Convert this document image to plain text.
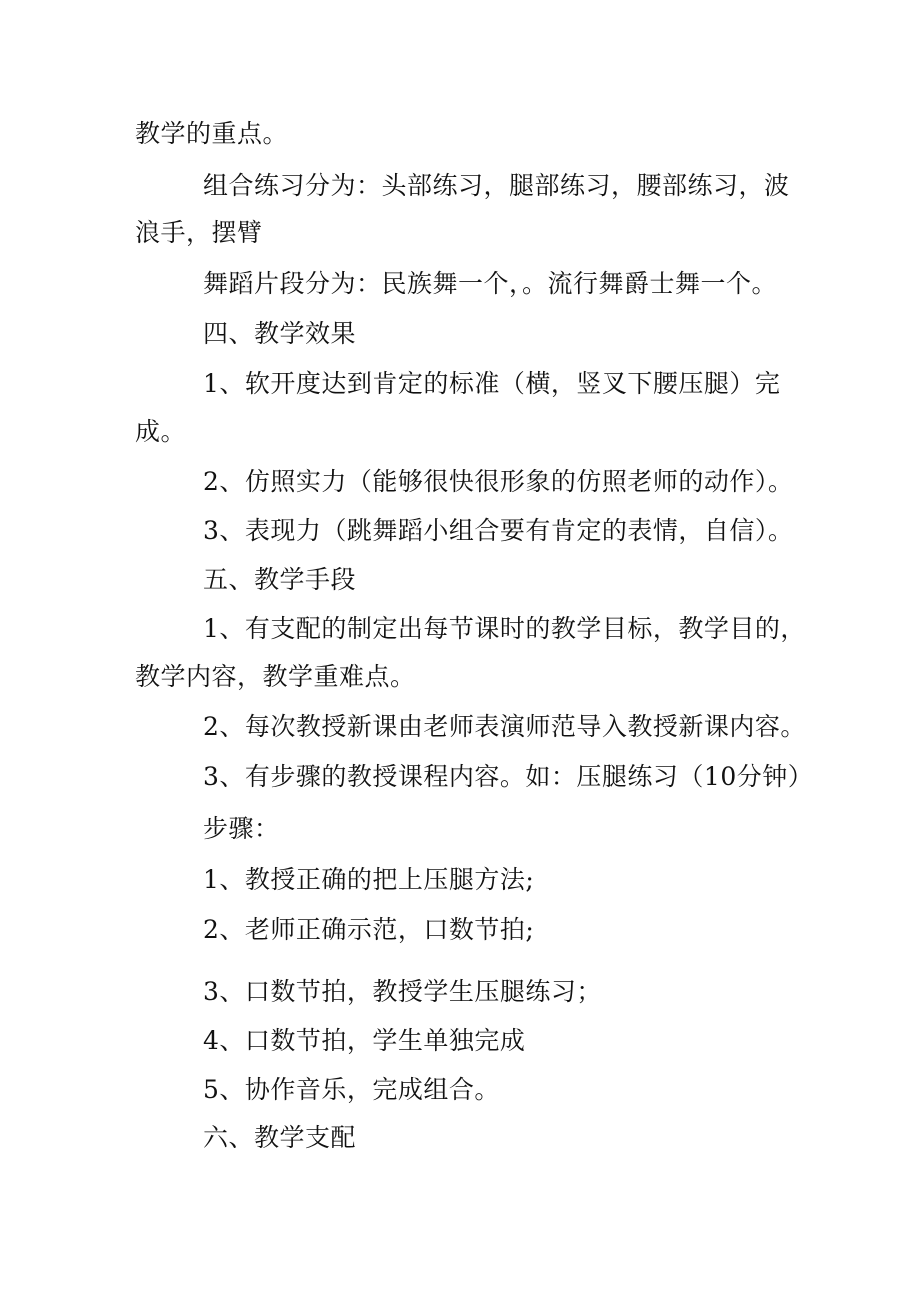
教学的重点。
组合练习分为：头部练习，腿部练习，腰部练习，波
浪手，摆臂
舞蹈片段分为：民族舞一个，。流行舞爵士舞一个。
四、教学效果
1、软开度达到肯定的标准（横，竖叉下腰压腿）完
成。
2、仿照实力（能够很快很形象的仿照老师的动作）。
3、表现力（跳舞蹈小组合要有肯定的表情，自信）。
五、教学手段
1、有支配的制定出每节课时的教学目标，教学目的，
教学内容，教学重难点。
2、每次教授新课由老师表演师范导入教授新课内容。
3、有步骤的教授课程内容。如：压腿练习（10分钟）
步骤：
1、教授正确的把上压腿方法;
2、老师正确示范，口数节拍;
3、口数节拍，教授学生压腿练习；
4、口数节拍，学生单独完成
5、协作音乐，完成组合。
六、教学支配
